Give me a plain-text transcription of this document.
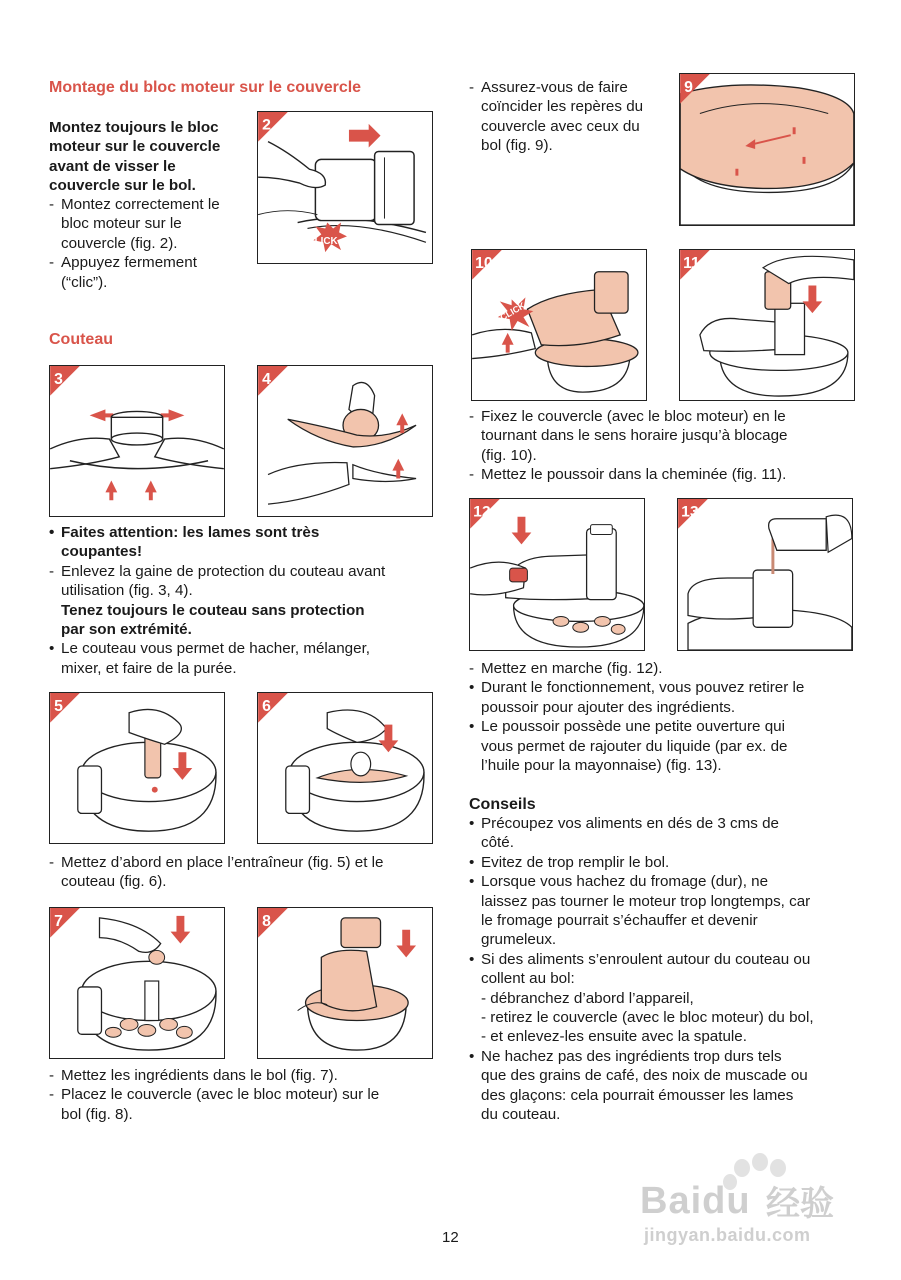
Montage du bloc moteur sur le couvercle
Montez toujours le bloc
moteur sur le couvercle
avant de visser le
couvercle sur le bol.
- Montez correctement le
bloc moteur sur le
couvercle (fig. 2).
- Appuyez fermement
(“clic”).
2
CLICK
Couteau
3	4
• Faites attention: les lames sont très
coupantes!
- Enlevez la gaine de protection du couteau avant
utilisation (fig. 3, 4).
Tenez toujours le couteau sans protection
par son extrémité.
• Le couteau vous permet de hacher, mélanger,
mixer, et faire de la purée.
5	6
- Mettez d’abord en place l’entraîneur (fig. 5) et le
couteau (fig. 6).
7	8
- Mettez les ingrédients dans le bol (fig. 7).
- Placez le couvercle (avec le bloc moteur) sur le
bol (fig. 8).
- Assurez-vous de faire
coïncider les repères du
couvercle avec ceux du
bol (fig. 9).
9
CLICK
10	11
- Fixez le couvercle (avec le bloc moteur) en le
tournant dans le sens horaire jusqu’à blocage
(fig. 10).
- Mettez le poussoir dans la cheminée (fig. 11).
12	13
- Mettez en marche (fig. 12).
• Durant le fonctionnement, vous pouvez retirer le
poussoir pour ajouter des ingrédients.
• Le poussoir possède une petite ouverture qui
vous permet de rajouter du liquide (par ex. de
l’huile pour la mayonnaise) (fig. 13).
Conseils
• Précoupez vos aliments en dés de 3 cms de
côté.
• Evitez de trop remplir le bol.
• Lorsque vous hachez du fromage (dur), ne
laissez pas tourner le moteur trop longtemps, car
le fromage pourrait s’échauffer et devenir
grumeleux.
• Si des aliments s’enroulent autour du couteau ou
collent au bol:
- débranchez d’abord l’appareil,
- retirez le couvercle (avec le bloc moteur) du bol,
- et enlevez-les ensuite avec la spatule.
• Ne hachez pas des ingrédients trop durs tels
que des grains de café, des noix de muscade ou
des glaçons: cela pourrait émousser les lames
du couteau.
Baidu 经验
jingyan.baidu.com
12
